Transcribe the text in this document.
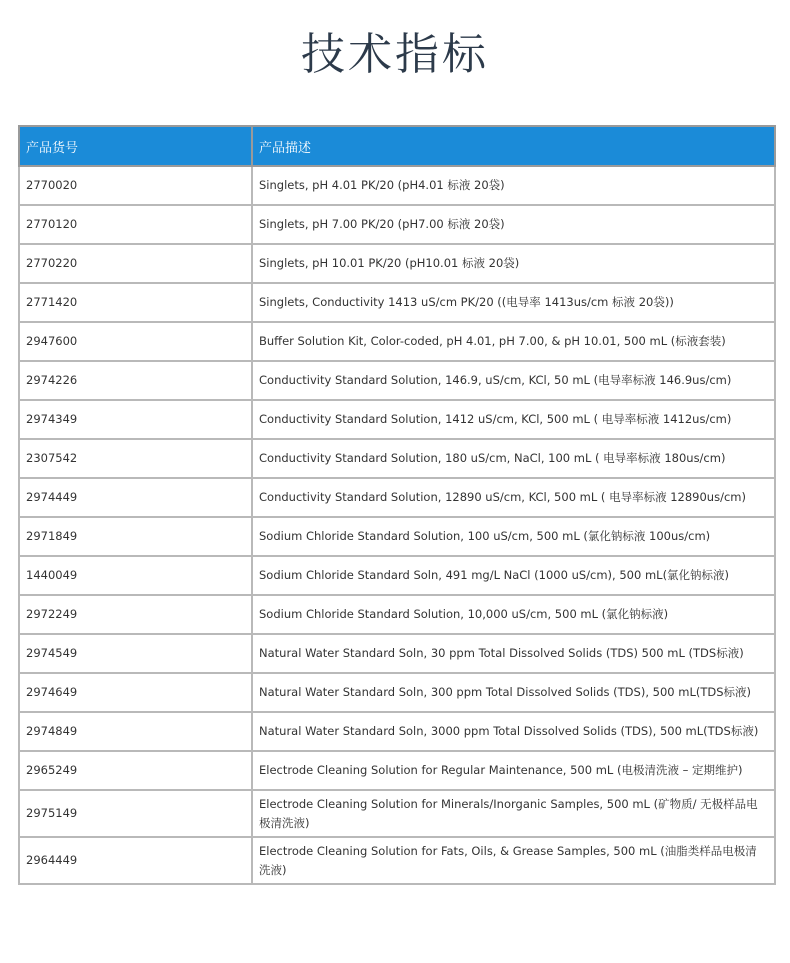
技术指标
产品货号	产品描述
2770020	Singlets, pH 4.01 PK/20 (pH4.01 标液 20袋)
2770120	Singlets, pH 7.00 PK/20 (pH7.00 标液 20袋)
2770220	Singlets, pH 10.01 PK/20 (pH10.01 标液 20袋)
2771420	Singlets, Conductivity 1413 uS/cm PK/20 ((电导率 1413us/cm 标液 20袋))
2947600	Buffer Solution Kit, Color-coded, pH 4.01, pH 7.00, & pH 10.01, 500 mL (标液套装)
2974226	Conductivity Standard Solution, 146.9, uS/cm, KCl, 50 mL (电导率标液 146.9us/cm)
2974349	Conductivity Standard Solution, 1412 uS/cm, KCl, 500 mL ( 电导率标液 1412us/cm)
2307542	Conductivity Standard Solution, 180 uS/cm, NaCl, 100 mL ( 电导率标液 180us/cm)
2974449	Conductivity Standard Solution, 12890 uS/cm, KCl, 500 mL ( 电导率标液 12890us/cm)
2971849	Sodium Chloride Standard Solution, 100 uS/cm, 500 mL (氯化钠标液 100us/cm)
1440049	Sodium Chloride Standard Soln, 491 mg/L NaCl (1000 uS/cm), 500 mL(氯化钠标液)
2972249	Sodium Chloride Standard Solution, 10,000 uS/cm, 500 mL (氯化钠标液)
2974549	Natural Water Standard Soln, 30 ppm Total Dissolved Solids (TDS) 500 mL (TDS标液)
2974649	Natural Water Standard Soln, 300 ppm Total Dissolved Solids (TDS), 500 mL(TDS标液)
2974849	Natural Water Standard Soln, 3000 ppm Total Dissolved Solids (TDS), 500 mL(TDS标液)
2965249	Electrode Cleaning Solution for Regular Maintenance, 500 mL (电极清洗液 – 定期维护)
2975149	Electrode Cleaning Solution for Minerals/Inorganic Samples, 500 mL (矿物质/ 无极样品电极清洗液)
2964449	Electrode Cleaning Solution for Fats, Oils, & Grease Samples, 500 mL (油脂类样品电极清洗液)
